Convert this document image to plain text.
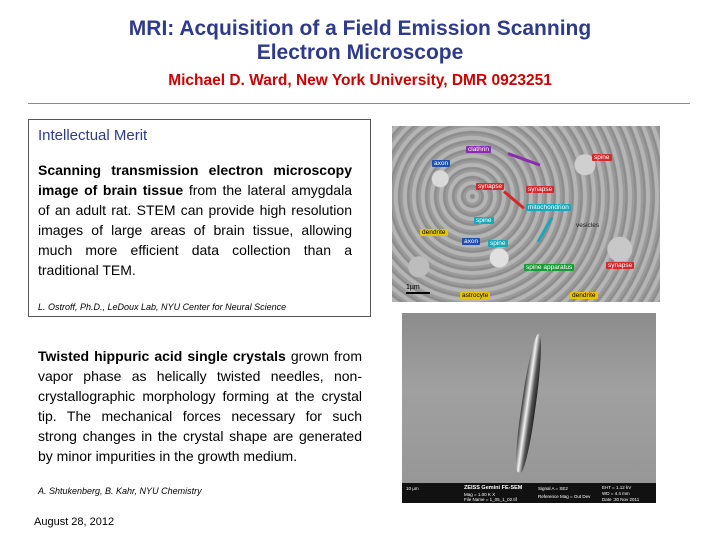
MRI: Acquisition of a Field Emission Scanning
Electron Microscope
Michael D. Ward, New York University, DMR 0923251
Intellectual Merit
Scanning transmission electron microscopy image of brain tissue from the lateral amygdala of an adult rat. STEM can provide high resolution images of large areas of brain tissue, allowing much more efficient data collection than a traditional TEM.
L. Ostroff, Ph.D., LeDoux Lab, NYU Center for Neural Science
Twisted hippuric acid single crystals grown from vapor phase as helically twisted needles, non-crystallographic morphology forming at the crystal tip. The mechanical forces necessary for such strong changes in the crystal shape are generated by minor impurities in the growth medium.
A. Shtukenberg, B. Kahr, NYU Chemistry
clathrin
spine
axon
synapse	synapse
mitochondrion
vesicles
spine
dendrite
axon	spine
spine apparatus	synapse
astrocyte	dendrite
1µm
10 µm	ZEISS Gemini FE-SEM
Mag = 1.00 K X
File Name = 1_05_1_02.tif
Signal A = SE2
Reference Mag = Out Dev
EHT = 1.12 kV
WD = 4.4 mm
Date :30 Nov 2011
August 28, 2012
